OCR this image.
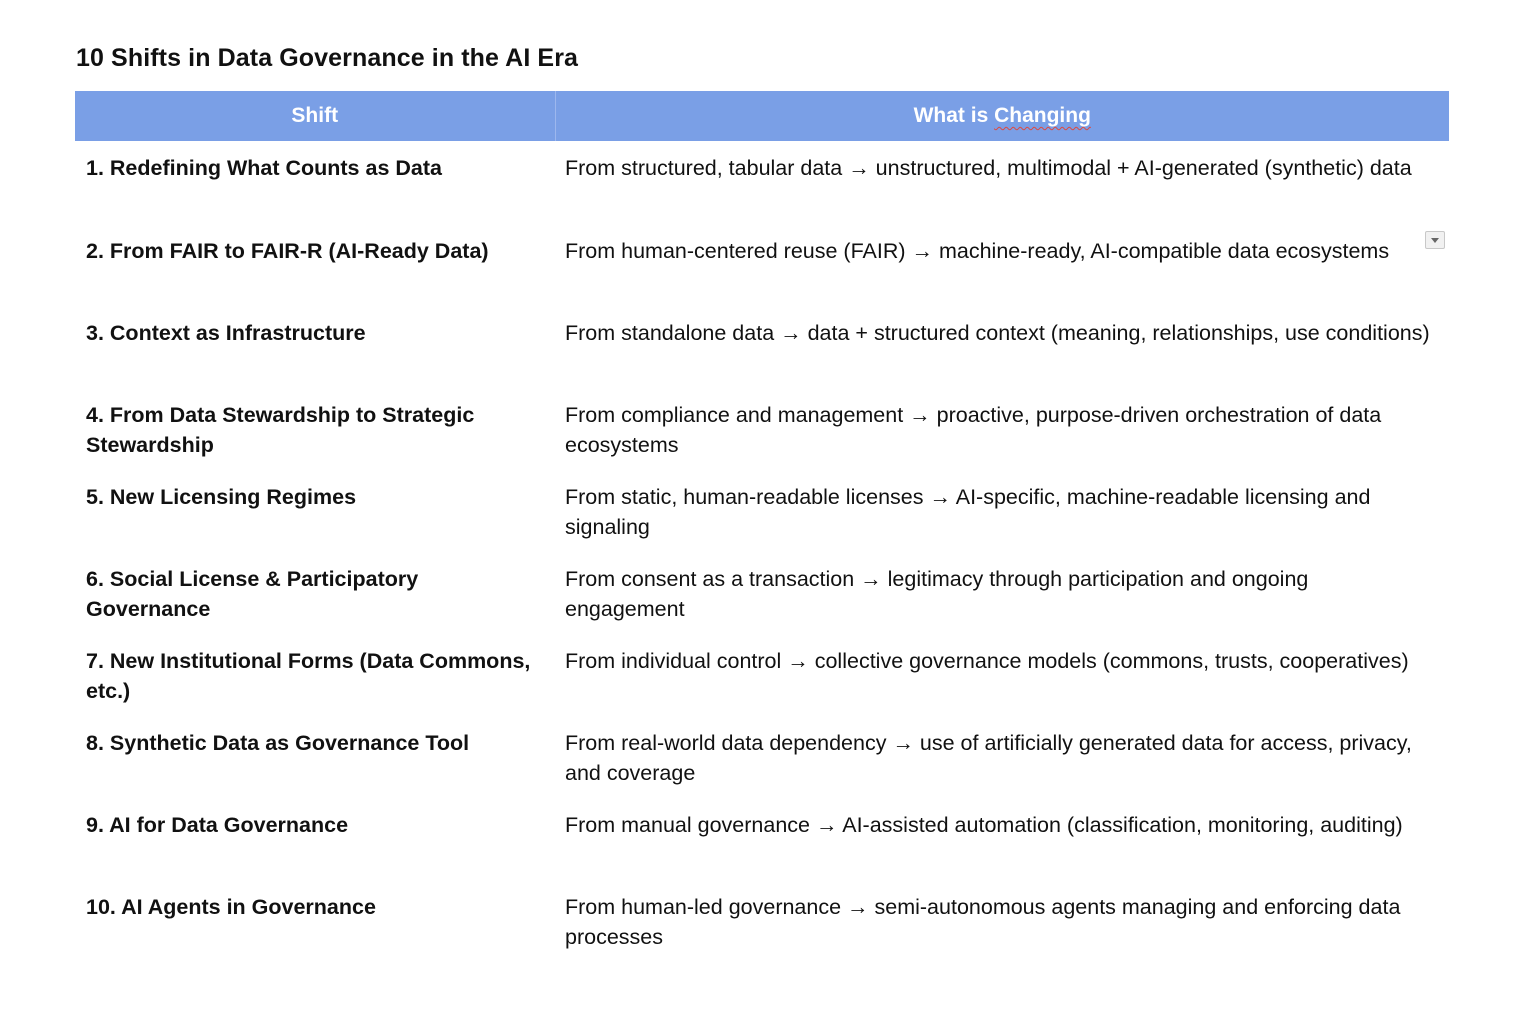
10 Shifts in Data Governance in the AI Era
Shift	What is Changing
1. Redefining What Counts as Data	From structured, tabular data → unstructured, multimodal + AI-generated (synthetic) data
2. From FAIR to FAIR-R (AI-Ready Data)	From human-centered reuse (FAIR) → machine-ready, AI-compatible data ecosystems
3. Context as Infrastructure	From standalone data → data + structured context (meaning, relationships, use conditions)
4. From Data Stewardship to Strategic Stewardship	From compliance and management → proactive, purpose-driven orchestration of data ecosystems
5. New Licensing Regimes	From static, human-readable licenses → AI-specific, machine-readable licensing and signaling
6. Social License & Participatory Governance	From consent as a transaction → legitimacy through participation and ongoing engagement
7. New Institutional Forms (Data Commons, etc.)	From individual control → collective governance models (commons, trusts, cooperatives)
8. Synthetic Data as Governance Tool	From real-world data dependency → use of artificially generated data for access, privacy, and coverage
9. AI for Data Governance	From manual governance → AI-assisted automation (classification, monitoring, auditing)
10. AI Agents in Governance	From human-led governance → semi-autonomous agents managing and enforcing data processes
